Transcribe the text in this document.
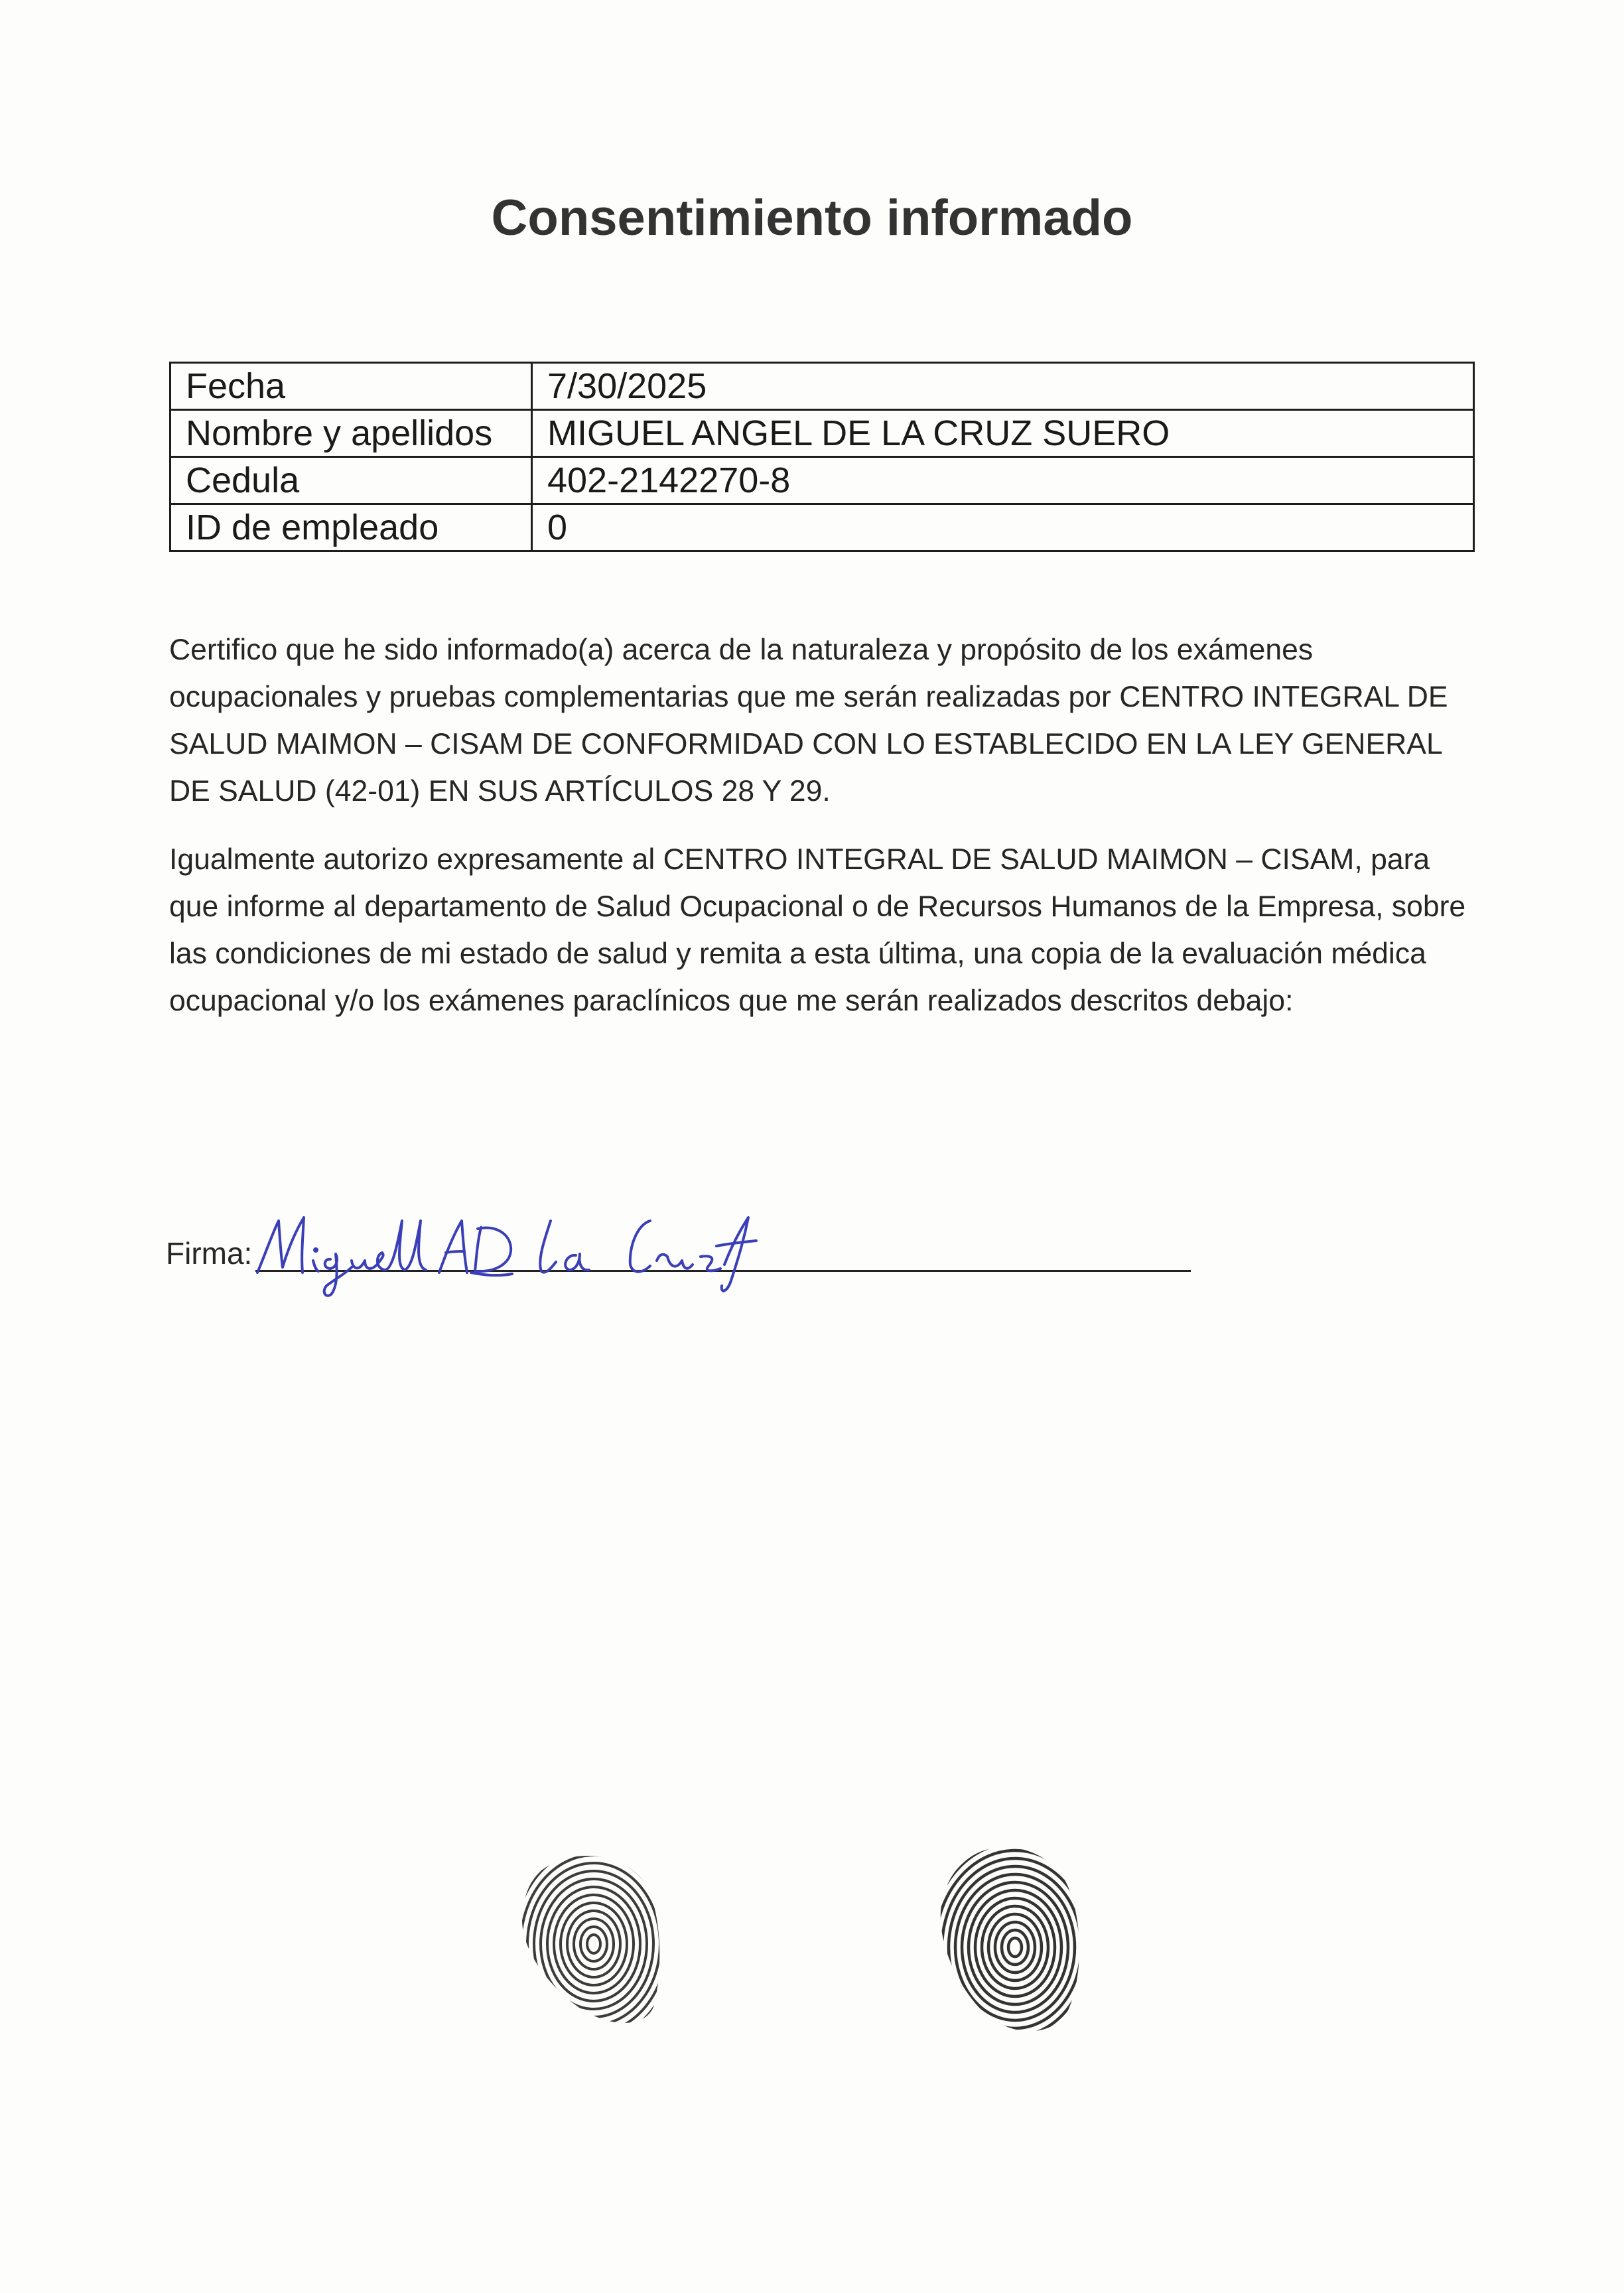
Consentimiento informado
Fecha	7/30/2025
Nombre y apellidos	MIGUEL ANGEL DE LA CRUZ SUERO
Cedula	402-2142270-8
ID de empleado	0

Certifico que he sido informado(a) acerca de la naturaleza y propósito de los exámenes ocupacionales y pruebas complementarias que me serán realizadas por CENTRO INTEGRAL DE SALUD MAIMON – CISAM DE CONFORMIDAD CON LO ESTABLECIDO EN LA LEY GENERAL DE SALUD (42-01) EN SUS ARTÍCULOS 28 Y 29.

Igualmente autorizo expresamente al CENTRO INTEGRAL DE SALUD MAIMON – CISAM, para que informe al departamento de Salud Ocupacional o de Recursos Humanos de la Empresa, sobre las condiciones de mi estado de salud y remita a esta última, una copia de la evaluación médica ocupacional y/o los exámenes paraclínicos que me serán realizados descritos debajo:

Firma:
